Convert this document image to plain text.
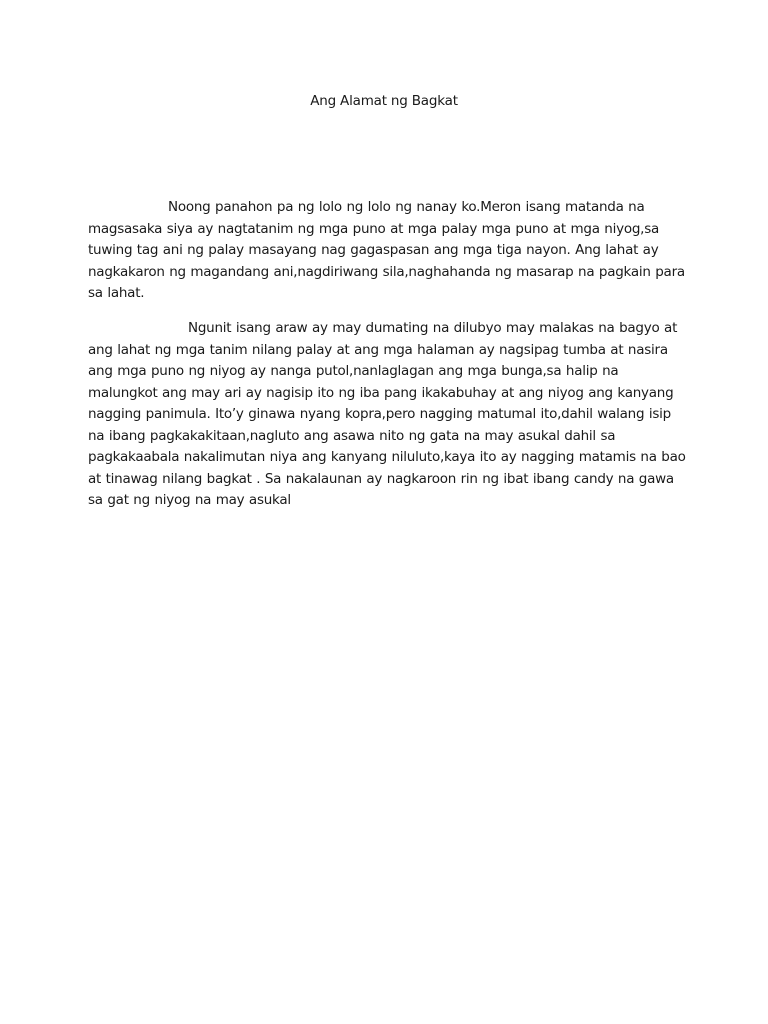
Ang Alamat ng Bagkat

Noong panahon pa ng lolo ng lolo ng nanay ko.Meron isang matanda na magsasaka siya ay nagtatanim ng mga puno at mga palay mga puno at mga niyog,sa tuwing tag ani ng palay masayang nag gagaspasan ang mga tiga nayon. Ang lahat ay nagkakaron ng magandang ani,nagdiriwang sila,naghahanda ng masarap na pagkain para sa lahat.

Ngunit isang araw ay may dumating na dilubyo may malakas na bagyo at ang lahat ng mga tanim nilang palay at ang mga halaman ay nagsipag tumba at nasira ang mga puno ng niyog ay nanga putol,nanlaglagan ang mga bunga,sa halip na malungkot ang may ari ay nagisip ito ng iba pang ikakabuhay at ang niyog ang kanyang nagging panimula. Ito’y ginawa nyang kopra,pero nagging matumal ito,dahil walang isip na ibang pagkakakitaan,nagluto ang asawa nito ng gata na may asukal dahil sa pagkakaabala nakalimutan niya ang kanyang niluluto,kaya ito ay nagging matamis na bao at tinawag nilang bagkat . Sa nakalaunan ay nagkaroon rin ng ibat ibang candy na gawa sa gat ng niyog na may asukal
